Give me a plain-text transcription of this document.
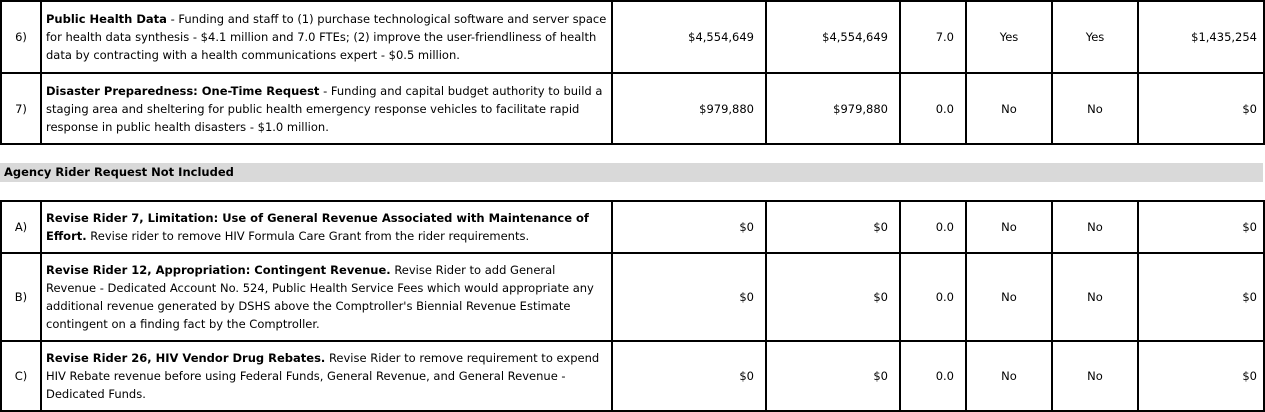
6)	Public Health Data - Funding and staff to (1) purchase technological software and server space for health data synthesis - $4.1 million and 7.0 FTEs; (2) improve the user-friendliness of health data by contracting with a health communications expert - $0.5 million.	$4,554,649	$4,554,649	7.0	Yes	Yes	$1,435,254
7)	Disaster Preparedness: One-Time Request - Funding and capital budget authority to build a staging area and sheltering for public health emergency response vehicles to facilitate rapid response in public health disasters - $1.0 million.	$979,880	$979,880	0.0	No	No	$0
Agency Rider Request Not Included
A)	Revise Rider 7, Limitation: Use of General Revenue Associated with Maintenance of Effort. Revise rider to remove HIV Formula Care Grant from the rider requirements.	$0	$0	0.0	No	No	$0
B)	Revise Rider 12, Appropriation: Contingent Revenue. Revise Rider to add General Revenue - Dedicated Account No. 524, Public Health Service Fees which would appropriate any additional revenue generated by DSHS above the Comptroller's Biennial Revenue Estimate contingent on a finding fact by the Comptroller.	$0	$0	0.0	No	No	$0
C)	Revise Rider 26, HIV Vendor Drug Rebates. Revise Rider to remove requirement to expend HIV Rebate revenue before using Federal Funds, General Revenue, and General Revenue - Dedicated Funds.	$0	$0	0.0	No	No	$0
